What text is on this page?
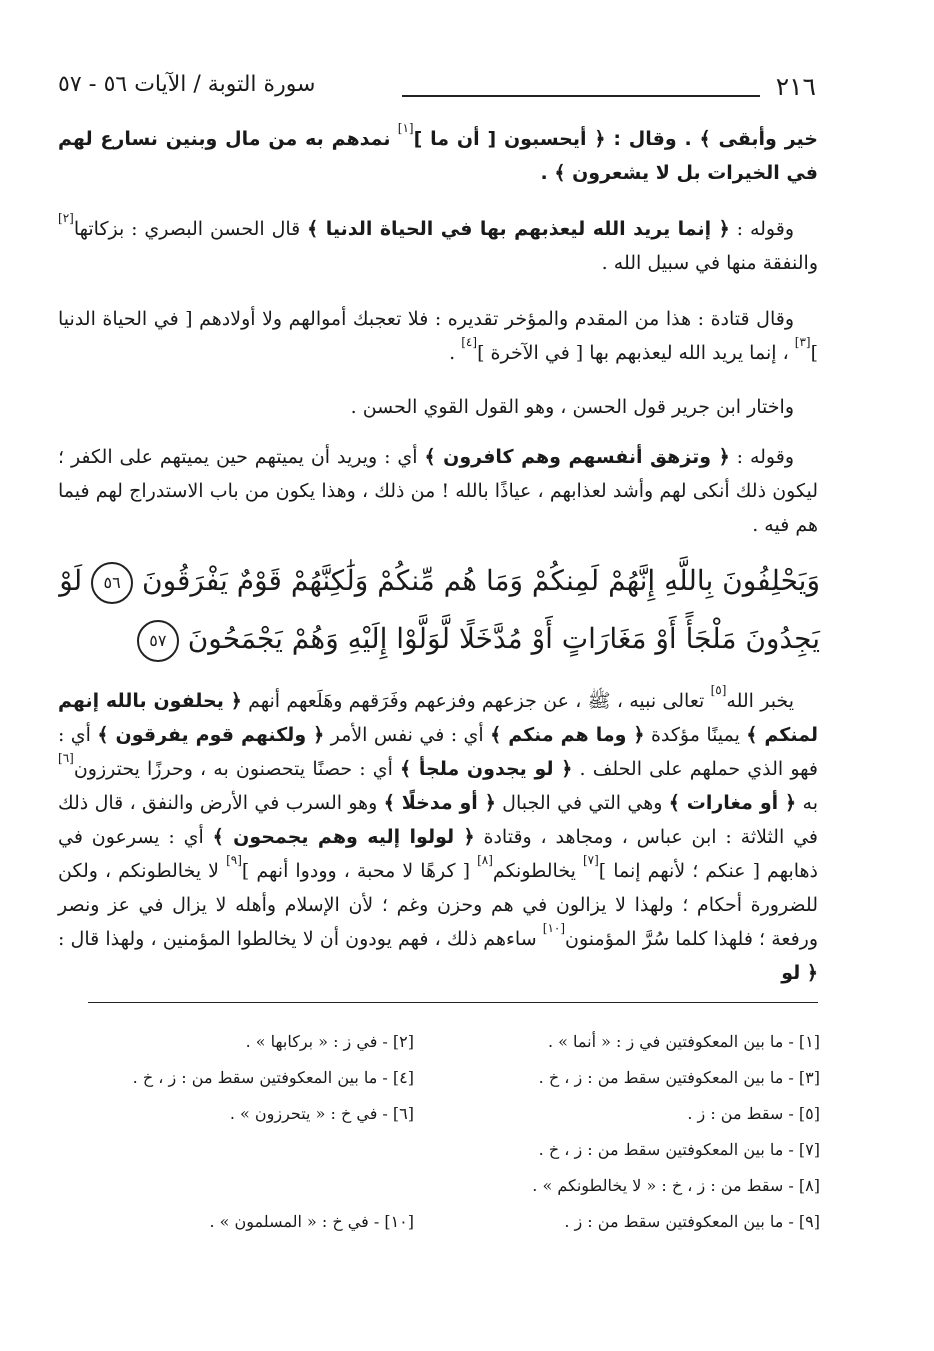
٢١٦
سورة التوبة / الآيات ٥٦ - ٥٧

خير وأبقى ﴾ . وقال : ﴿ أيحسبون [ أن ما ][١] نمدهم به من مال وبنين نسارع لهم في الخيرات بل لا يشعرون ﴾ .

وقوله : ﴿ إنما يريد الله ليعذبهم بها في الحياة الدنيا ﴾ قال الحسن البصري : بزكاتها[٢] والنفقة منها في سبيل الله .

وقال قتادة : هذا من المقدم والمؤخر تقديره : فلا تعجبك أموالهم ولا أولادهم [ في الحياة الدنيا ][٣] ، إنما يريد الله ليعذبهم بها [ في الآخرة ][٤] .

واختار ابن جرير قول الحسن ، وهو القول القوي الحسن .

وقوله : ﴿ وتزهق أنفسهم وهم كافرون ﴾ أي : ويريد أن يميتهم حين يميتهم على الكفر ؛ ليكون ذلك أنكى لهم وأشد لعذابهم ، عياذًا بالله ! من ذلك ، وهذا يكون من باب الاستدراج لهم فيما هم فيه .

وَيَحْلِفُونَ بِاللَّهِ إِنَّهُمْ لَمِنكُمْ وَمَا هُم مِّنكُمْ وَلَٰكِنَّهُمْ قَوْمٌ يَفْرَقُونَ ٥٦ لَوْ
يَجِدُونَ مَلْجَأً أَوْ مَغَارَاتٍ أَوْ مُدَّخَلًا لَّوَلَّوْا إِلَيْهِ وَهُمْ يَجْمَحُونَ ٥٧

يخبر الله[٥] تعالى نبيه ، ﷺ ، عن جزعهم وفزعهم وفَرَقهم وهَلَعهم أنهم ﴿ يحلفون بالله إنهم لمنكم ﴾ يمينًا مؤكدة ﴿ وما هم منكم ﴾ أي : في نفس الأمر ﴿ ولكنهم قوم يفرقون ﴾ أي : فهو الذي حملهم على الحلف . ﴿ لو يجدون ملجأ ﴾ أي : حصنًا يتحصنون به ، وحرزًا يحترزون[٦] به ﴿ أو مغارات ﴾ وهي التي في الجبال ﴿ أو مدخلًا ﴾ وهو السرب في الأرض والنفق ، قال ذلك في الثلاثة : ابن عباس ، ومجاهد ، وقتادة ﴿ لولوا إليه وهم يجمحون ﴾ أي : يسرعون في ذهابهم [ عنكم ؛ لأنهم إنما ][٧] يخالطونكم[٨] [ كرهًا لا محبة ، وودوا أنهم ][٩] لا يخالطونكم ، ولكن للضرورة أحكام ؛ ولهذا لا يزالون في هم وحزن وغم ؛ لأن الإسلام وأهله لا يزال في عز ونصر ورفعة ؛ فلهذا كلما سُرَّ المؤمنون[١٠] ساءهم ذلك ، فهم يودون أن لا يخالطوا المؤمنين ، ولهذا قال : ﴿ لو

[١] - ما بين المعكوفتين في ز : « أنما » .
[٢] - في ز : « بركابها » .
[٣] - ما بين المعكوفتين سقط من : ز ، خ .
[٤] - ما بين المعكوفتين سقط من : ز ، خ .
[٥] - سقط من : ز .
[٦] - في خ : « يتحرزون » .
[٧] - ما بين المعكوفتين سقط من : ز ، خ .
[٨] - سقط من : ز ، خ : « لا يخالطونكم » .
[٩] - ما بين المعكوفتين سقط من : ز .
[١٠] - في خ : « المسلمون » .
